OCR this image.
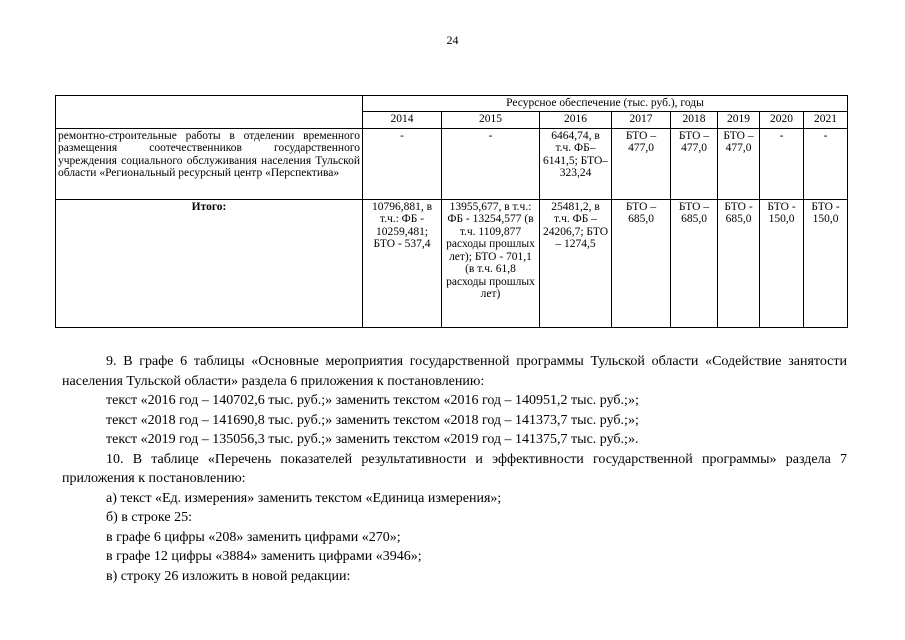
24
	Ресурсное обеспечение (тыс. руб.), годы							
	2014	2015	2016	2017	2018	2019	2020	2021
ремонтно-строительные работы в отделении временного размещения соотечественников государственного учреждения социального обслуживания населения Тульской области «Региональный ресурсный центр «Перспектива»	-	-	6464,74, в т.ч. ФБ–6141,5; БТО– 323,24	БТО – 477,0	БТО – 477,0	БТО – 477,0	-	-
Итого:	10796,881, в т.ч.: ФБ - 10259,481; БТО - 537,4	13955,677, в т.ч.: ФБ - 13254,577 (в т.ч. 1109,877 расходы прошлых лет); БТО - 701,1 (в т.ч. 61,8 расходы прошлых лет)	25481,2, в т.ч. ФБ – 24206,7; БТО – 1274,5	БТО – 685,0	БТО – 685,0	БТО - 685,0	БТО - 150,0	БТО - 150,0

9. В графе 6 таблицы «Основные мероприятия государственной программы Тульской области «Содействие занятости населения Тульской области» раздела 6 приложения к постановлению:

текст «2016 год – 140702,6 тыс. руб.;» заменить текстом «2016 год – 140951,2 тыс. руб.;»;

текст «2018 год – 141690,8 тыс. руб.;» заменить текстом «2018 год – 141373,7 тыс. руб.;»;

текст «2019 год – 135056,3 тыс. руб.;» заменить текстом «2019 год – 141375,7 тыс. руб.;».

10. В таблице «Перечень показателей результативности и эффективности государственной программы» раздела 7 приложения к постановлению:

а) текст «Ед. измерения» заменить текстом «Единица измерения»;

б) в строке 25:

в графе 6 цифры «208» заменить цифрами «270»;

в графе 12 цифры «3884» заменить цифрами «3946»;

в) строку 26 изложить в новой редакции:
